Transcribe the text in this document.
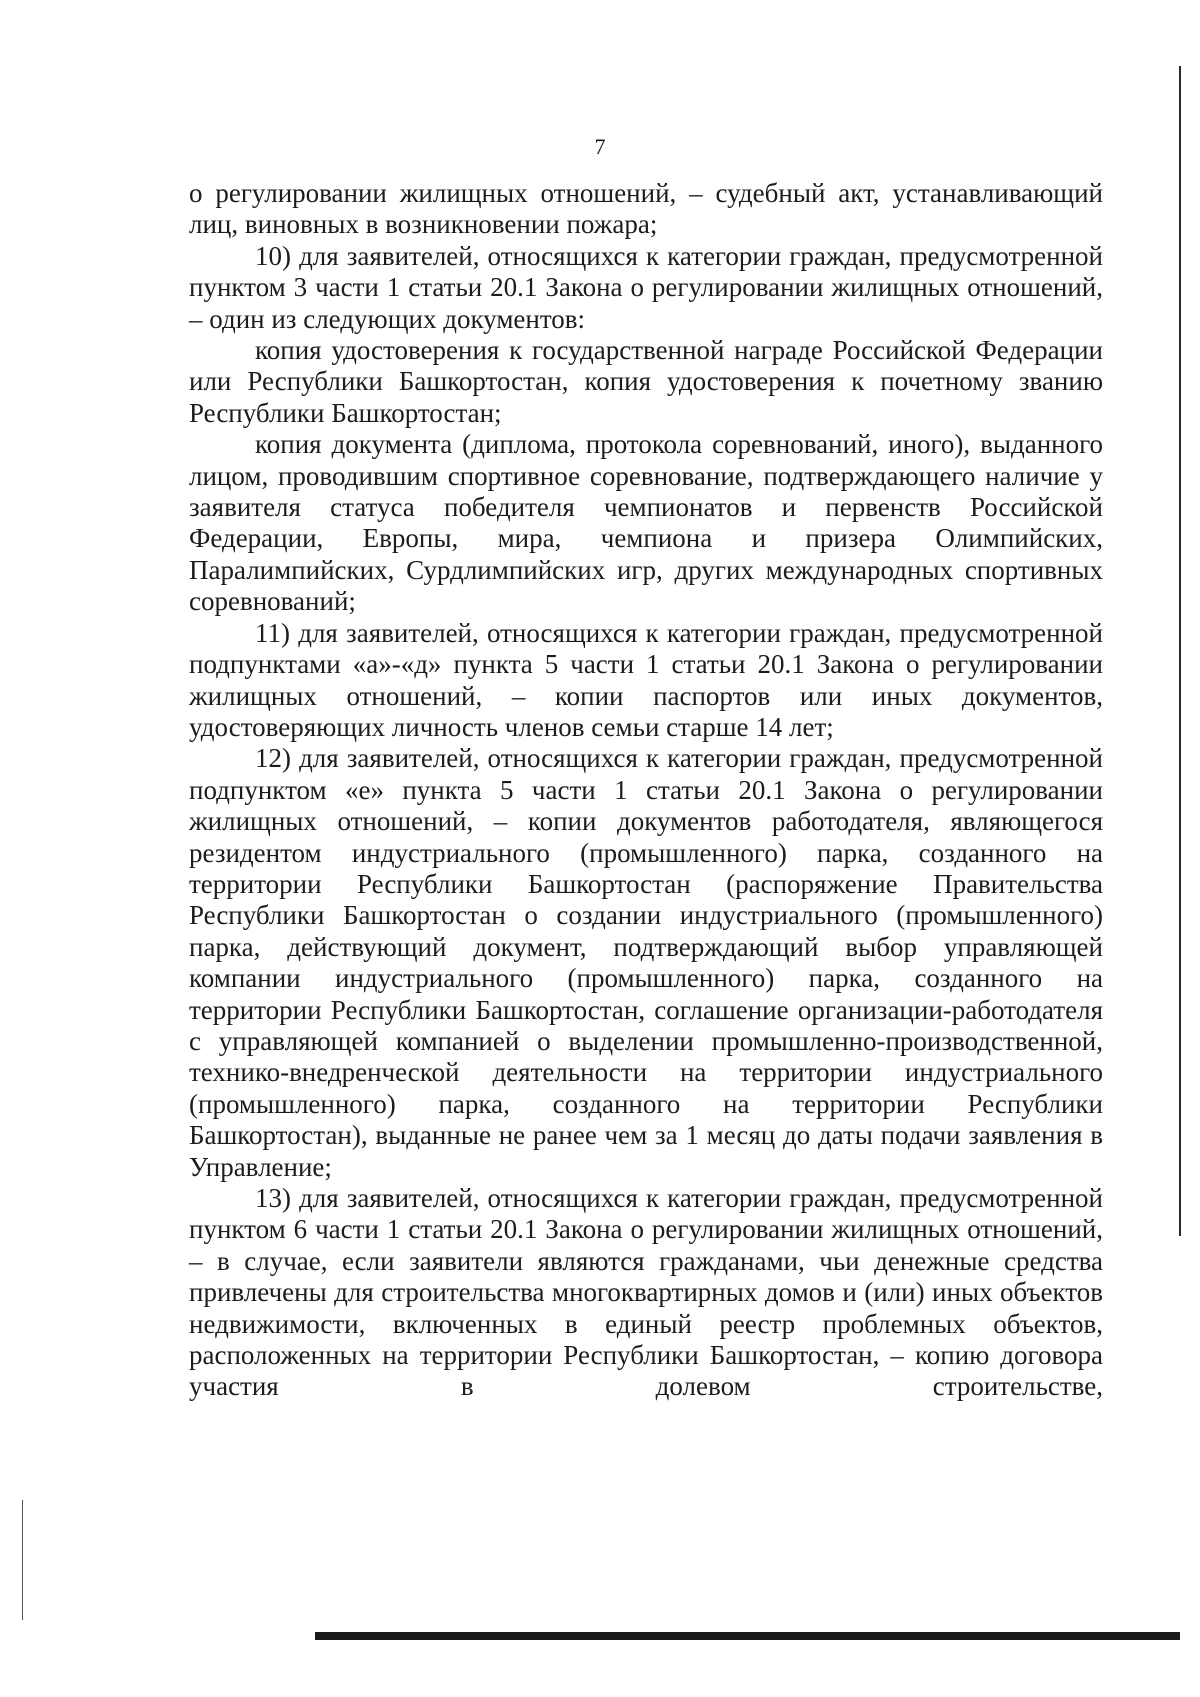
7

о регулировании жилищных отношений, – судебный акт, устанавливающий лиц, виновных в возникновении пожара;

10) для заявителей, относящихся к категории граждан, предусмотренной пунктом 3 части 1 статьи 20.1 Закона о регулировании жилищных отношений, – один из следующих документов:

копия удостоверения к государственной награде Российской Федерации или Республики Башкортостан, копия удостоверения к почетному званию Республики Башкортостан;

копия документа (диплома, протокола соревнований, иного), выданного лицом, проводившим спортивное соревнование, подтверждающего наличие у заявителя статуса победителя чемпионатов и первенств Российской Федерации, Европы, мира, чемпиона и призера Олимпийских, Паралимпийских, Сурдлимпийских игр, других международных спортивных соревнований;

11) для заявителей, относящихся к категории граждан, предусмотренной подпунктами «а»-«д» пункта 5 части 1 статьи 20.1 Закона о регулировании жилищных отношений, – копии паспортов или иных документов, удостоверяющих личность членов семьи старше 14 лет;

12) для заявителей, относящихся к категории граждан, предусмотренной подпунктом «е» пункта 5 части 1 статьи 20.1 Закона о регулировании жилищных отношений, – копии документов работодателя, являющегося резидентом индустриального (промышленного) парка, созданного на территории Республики Башкортостан (распоряжение Правительства Республики Башкортостан о создании индустриального (промышленного) парка, действующий документ, подтверждающий выбор управляющей компании индустриального (промышленного) парка, созданного на территории Республики Башкортостан, соглашение организации-работодателя с управляющей компанией о выделении промышленно-производственной, технико-внедренческой деятельности на территории индустриального (промышленного) парка, созданного на территории Республики Башкортостан), выданные не ранее чем за 1 месяц до даты подачи заявления в Управление;

13) для заявителей, относящихся к категории граждан, предусмотренной пунктом 6 части 1 статьи 20.1 Закона о регулировании жилищных отношений, – в случае, если заявители являются гражданами, чьи денежные средства привлечены для строительства многоквартирных домов и (или) иных объектов недвижимости, включенных в единый реестр проблемных объектов, расположенных на территории Республики Башкортостан, – копию договора участия в долевом строительстве,
